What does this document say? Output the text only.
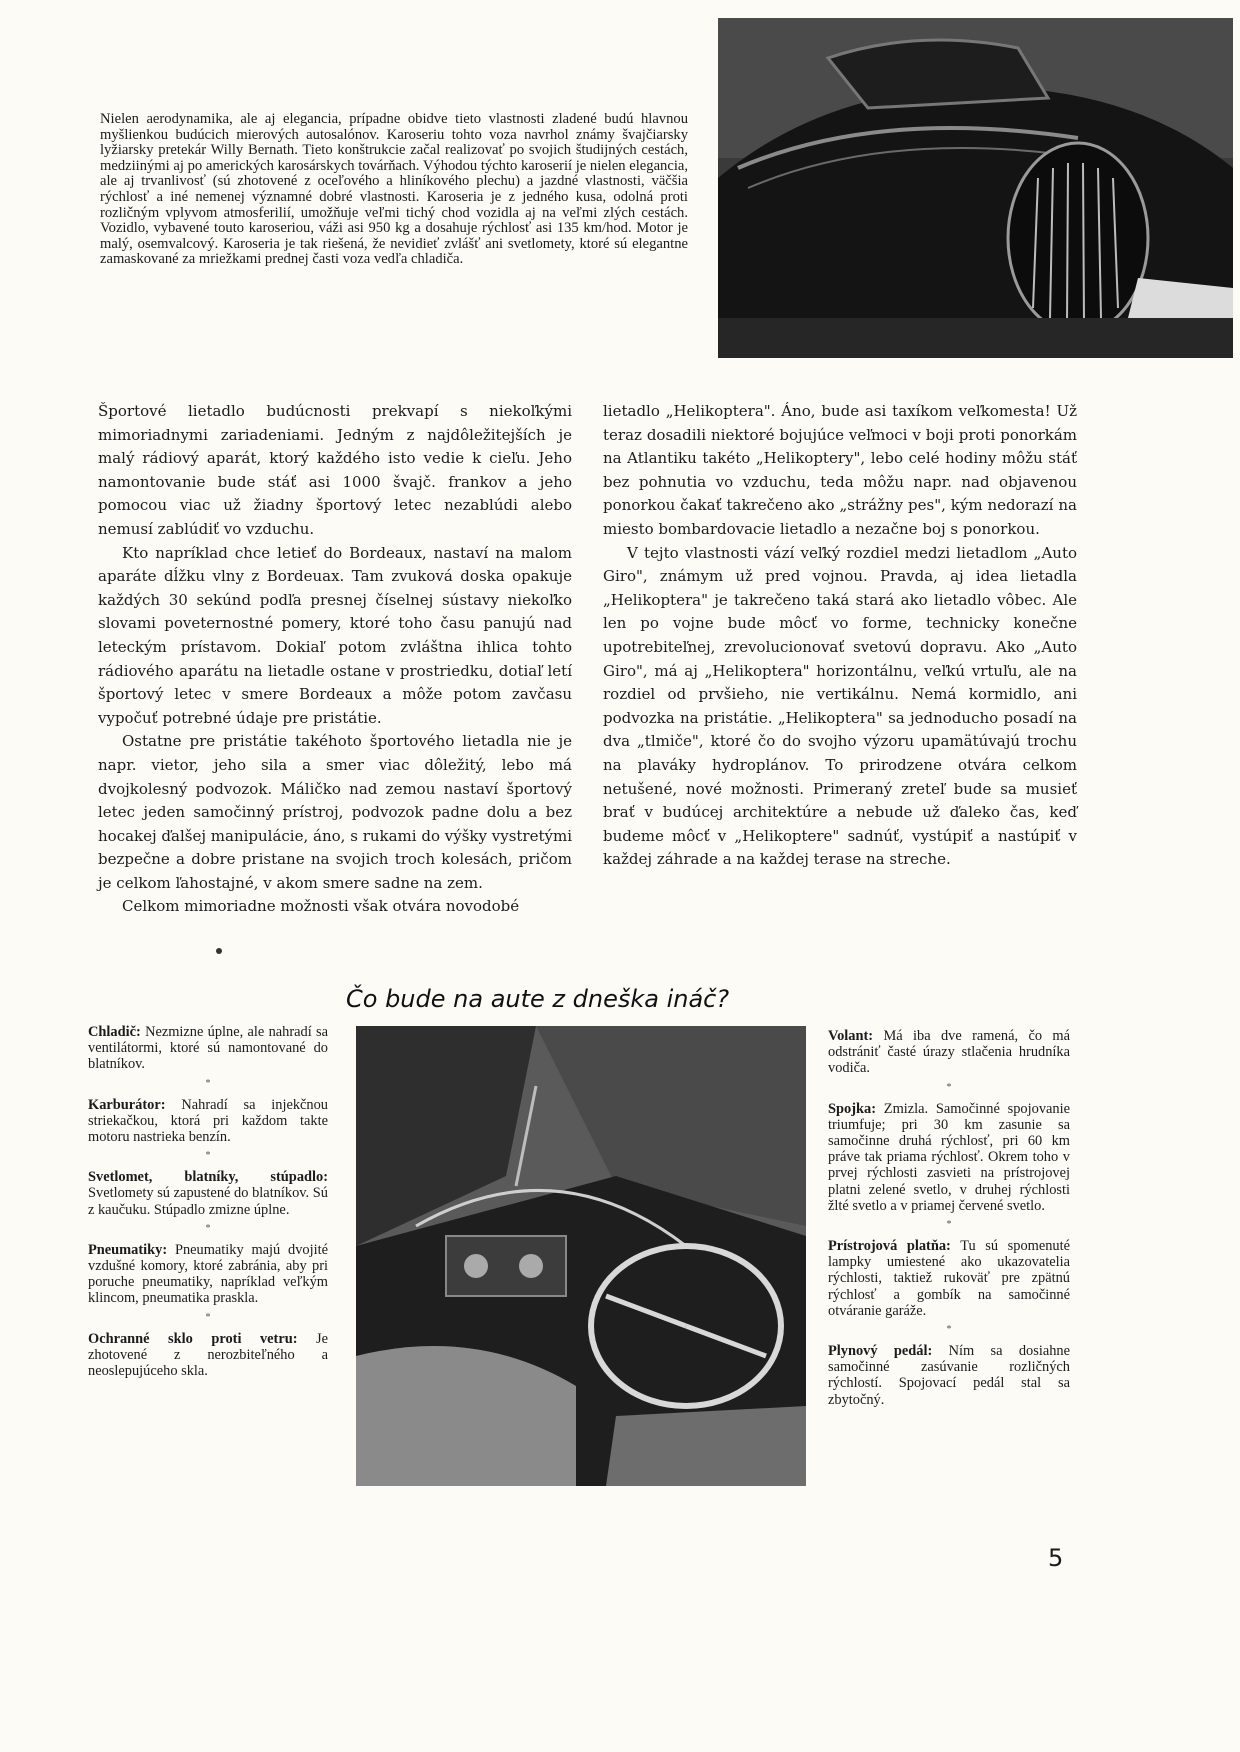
Nielen aerodynamika, ale aj elegancia, prípadne obidve tieto vlastnosti zladené budú hlavnou myšlienkou budúcich mierových autosalónov. Karoseriu tohto voza navrhol známy švajčiarsky lyžiarsky pretekár Willy Bernath. Tieto konštrukcie začal realizovať po svojich študijných cestách, medziinými aj po amerických karosárskych továrňach. Výhodou týchto karoserií je nielen elegancia, ale aj trvanlivosť (sú zhotovené z oceľového a hliníkového plechu) a jazdné vlastnosti, väčšia rýchlosť a iné nemenej významné dobré vlastnosti. Karoseria je z jedného kusa, odolná proti rozličným vplyvom atmosferilií, umožňuje veľmi tichý chod vozidla aj na veľmi zlých cestách. Vozidlo, vybavené touto karoseriou, váži asi 950 kg a dosahuje rýchlosť asi 135 km/hod. Motor je malý, osemvalcový. Karoseria je tak riešená, že nevidieť zvlášť ani svetlomety, ktoré sú elegantne zamaskované za mriežkami prednej časti voza vedľa chladiča.

Športové lietadlo budúcnosti prekvapí s niekoľkými mimoriadnymi zariadeniami. Jedným z najdôležitejších je malý rádiový aparát, ktorý každého isto vedie k cieľu. Jeho namontovanie bude stáť asi 1000 švajč. frankov a jeho pomocou viac už žiadny športový letec nezablúdi alebo nemusí zablúdiť vo vzduchu.

Kto napríklad chce letieť do Bordeaux, nastaví na malom aparáte dĺžku vlny z Bordeuax. Tam zvuková doska opakuje každých 30 sekúnd podľa presnej číselnej sústavy niekoľko slovami poveternostné pomery, ktoré toho času panujú nad leteckým prístavom. Dokiaľ potom zvláštna ihlica tohto rádiového aparátu na lietadle ostane v prostriedku, dotiaľ letí športový letec v smere Bordeaux a môže potom zavčasu vypočuť potrebné údaje pre pristátie.

Ostatne pre pristátie takéhoto športového lietadla nie je napr. vietor, jeho sila a smer viac dôležitý, lebo má dvojkolesný podvozok. Máličko nad zemou nastaví športový letec jeden samočinný prístroj, podvozok padne dolu a bez hocakej ďalšej manipulácie, áno, s rukami do výšky vystretými bezpečne a dobre pristane na svojich troch kolesách, pričom je celkom ľahostajné, v akom smere sadne na zem.

Celkom mimoriadne možnosti však otvára novodobé

lietadlo „Helikoptera". Áno, bude asi taxíkom veľkomesta! Už teraz dosadili niektoré bojujúce veľmoci v boji proti ponorkám na Atlantiku takéto „Helikoptery", lebo celé hodiny môžu stáť bez pohnutia vo vzduchu, teda môžu napr. nad objavenou ponorkou čakať takrečeno ako „strážny pes", kým nedorazí na miesto bombardovacie lietadlo a nezačne boj s ponorkou.

V tejto vlastnosti vází veľký rozdiel medzi lietadlom „Auto Giro", známym už pred vojnou. Pravda, aj idea lietadla „Helikoptera" je takrečeno taká stará ako lietadlo vôbec. Ale len po vojne bude môcť vo forme, technicky konečne upotrebiteľnej, zrevolucionovať svetovú dopravu. Ako „Auto Giro", má aj „Helikoptera" horizontálnu, veľkú vrtuľu, ale na rozdiel od prvšieho, nie vertikálnu. Nemá kormidlo, ani podvozka na pristátie. „Helikoptera" sa jednoducho posadí na dva „tlmiče", ktoré čo do svojho výzoru upamätúvajú trochu na plaváky hydroplánov. To prirodzene otvára celkom netušené, nové možnosti. Primeraný zreteľ bude sa musieť brať v budúcej architektúre a nebude už ďaleko čas, keď budeme môcť v „Helikoptere" sadnúť, vystúpiť a nastúpiť v každej záhrade a na každej terase na streche.

Čo bude na aute z dneška ináč?

Chladič: Nezmizne úplne, ale nahradí sa ventilátormi, ktoré sú namontované do blatníkov.

*

Karburátor: Nahradí sa injekčnou striekačkou, ktorá pri každom takte motoru nastrieka benzín.

*

Svetlomet, blatníky, stúpadlo: Svetlomety sú zapustené do blatníkov. Sú z kaučuku. Stúpadlo zmizne úplne.

*

Pneumatiky: Pneumatiky majú dvojité vzdušné komory, ktoré zabránia, aby pri poruche pneumatiky, napríklad veľkým klincom, pneumatika praskla.

*

Ochranné sklo proti vetru: Je zhotovené z nerozbiteľného a neoslepujúceho skla.

Volant: Má iba dve ramená, čo má odstrániť časté úrazy stlačenia hrudníka vodiča.

*

Spojka: Zmizla. Samočinné spojovanie triumfuje; pri 30 km zasunie sa samočinne druhá rýchlosť, pri 60 km práve tak priama rýchlosť. Okrem toho v prvej rýchlosti zasvieti na prístrojovej platni zelené svetlo, v druhej rýchlosti žlté svetlo a v priamej červené svetlo.

*

Prístrojová platňa: Tu sú spomenuté lampky umiestené ako ukazovatelia rýchlosti, taktiež rukoväť pre zpätnú rýchlosť a gombík na samočinné otváranie garáže.

*

Plynový pedál: Ním sa dosiahne samočinné zasúvanie rozličných rýchlostí. Spojovací pedál stal sa zbytočný.

5
